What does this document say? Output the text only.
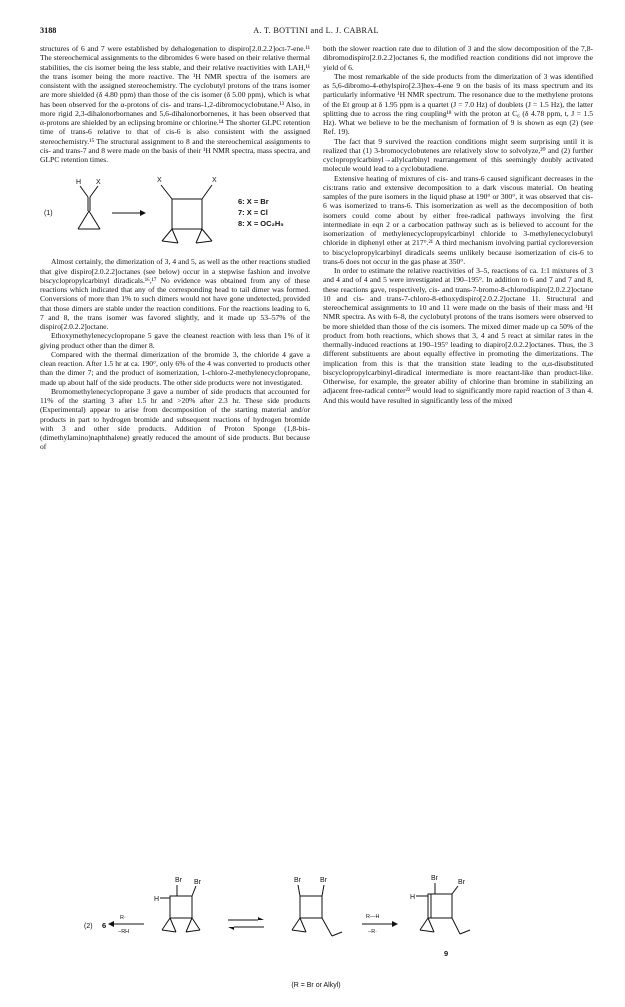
3188	A. T. BOTTINI and L. J. CABRAL

structures of 6 and 7 were established by dehalogenation to dispiro[2.0.2.2]oct-7-ene.¹¹ The stereochemical assignments to the dibromides 6 were based on their relative thermal stabilities, the cis isomer being the less stable, and their relative reactivities with LAH,¹¹ the trans isomer being the more reactive. The ¹H NMR spectra of the isomers are consistent with the assigned stereochemistry. The cyclobutyl protons of the trans isomer are more shielded (δ 4.80 ppm) than those of the cis isomer (δ 5.00 ppm), which is what has been observed for the α-protons of cis- and trans-1,2-dibromocyclobutane.¹³ Also, in more rigid 2,3-dihalonorbornanes and 5,6-dihalonorbornenes, it has been observed that α-protons are shielded by an eclipsing bromine or chlorine.¹⁴ The shorter GLPC retention time of trans-6 relative to that of cis-6 is also consistent with the assigned stereochemistry.¹⁵ The structural assignment to 8 and the stereochemical assignments to cis- and trans-7 and 8 were made on the basis of their ¹H NMR spectra, mass spectra, and GLPC retention times.

(1)
H X	X	X
6: X = Br
7: X = Cl
8: X = OC₂H₅

Almost certainly, the dimerization of 3, 4 and 5, as well as the other reactions studied that give dispiro[2.0.2.2]octanes (see below) occur in a stepwise fashion and involve biscyclopropylcarbinyl diradicals.¹⁶,¹⁷ No evidence was obtained from any of these reactions which indicated that any of the corresponding head to tail dimer was formed. Conversions of more than 1% to such dimers would not have gone undetected, provided that those dimers are stable under the reaction conditions. For the reactions leading to 6, 7 and 8, the trans isomer was favored slightly, and it made up 53–57% of the dispiro[2.0.2.2]octane.

Ethoxymethylenecyclopropane 5 gave the cleanest reaction with less than 1% of it giving product other than the dimer 8.

Compared with the thermal dimerization of the bromide 3, the chloride 4 gave a clean reaction. After 1.5 hr at ca. 190°, only 6% of the 4 was converted to products other than the dimer 7; and the product of isomerization, 1-chloro-2-methylenecyclopropane, made up about half of the side products. The other side products were not investigated.

Bromomethylenecyclopropane 3 gave a number of side products that accounted for 11% of the starting 3 after 1.5 hr and >20% after 2.3 hr. These side products (Experimental) appear to arise from decomposition of the starting material and/or products in part to hydrogen bromide and subsequent reactions of hydrogen bromide with 3 and other side products. Addition of Proton Sponge (1,8-bis-(dimethylamino)naphthalene) greatly reduced the amount of side products. But because of

both the slower reaction rate due to dilution of 3 and the slow decomposition of the 7,8-dibromodispiro[2.0.2.2]octanes 6, the modified reaction conditions did not improve the yield of 6.

The most remarkable of the side products from the dimerization of 3 was identified as 5,6-dibromo-4-ethylspiro[2.3]hex-4-ene 9 on the basis of its mass spectrum and its particularly informative ¹H NMR spectrum. The resonance due to the methylene protons of the Et group at δ 1.95 ppm is a quartet (J = 7.0 Hz) of doublets (J = 1.5 Hz), the latter splitting due to across the ring coupling¹⁸ with the proton at C₆ (δ 4.78 ppm, t, J = 1.5 Hz). What we believe to be the mechanism of formation of 9 is shown as eqn (2) (see Ref. 19).

The fact that 9 survived the reaction conditions might seem surprising until it is realized that (1) 3-bromocyclobutenes are relatively slow to solvolyze,²⁰ and (2) further cyclopropylcarbinyl→allylcarbinyl rearrangement of this seemingly doubly activated molecule would lead to a cyclobutadiene.

Extensive heating of mixtures of cis- and trans-6 caused significant decreases in the cis:trans ratio and extensive decomposition to a dark viscous material. On heating samples of the pure isomers in the liquid phase at 190° or 300°, it was observed that cis-6 was isomerized to trans-6. This isomerization as well as the decomposition of both isomers could come about by either free-radical pathways involving the first intermediate in eqn 2 or a carbocation pathway such as is believed to account for the isomerization of methylenecyclopropylcarbinyl chloride to 3-methylenecyclobutyl chloride in diphenyl ether at 217°.²¹ A third mechanism involving partial cycloreversion to biscyclopropylcarbinyl diradicals seems unlikely because isomerization of cis-6 to trans-6 does not occur in the gas phase at 350°.

In order to estimate the relative reactivities of 3–5, reactions of ca. 1:1 mixtures of 3 and 4 and of 4 and 5 were investigated at 190–195°. In addition to 6 and 7 and 7 and 8, these reactions gave, respectively, cis- and trans-7-bromo-8-chlorodispiro[2.0.2.2]octane 10 and cis- and trans-7-chloro-8-ethoxydispiro[2.0.2.2]octane 11. Structural and stereochemical assignments to 10 and 11 were made on the basis of their mass and ¹H NMR spectra. As with 6–8, the cyclobutyl protons of the trans isomers were observed to be more shielded than those of the cis isomers. The mixed dimer made up ca 50% of the product from both reactions, which shows that 3, 4 and 5 react at similar rates in the thermally-induced reactions at 190–195° leading to diapiro[2.0.2.2]octanes. Thus, the 3 different substituents are about equally effective in promoting the dimerizations. The implication from this is that the transition state leading to the α,α-disubstituted biscyclopropylcarbinyl-diradical intermediate is more reactant-like than product-like. Otherwise, for example, the greater ability of chlorine than bromine in stabilizing an adjacent free-radical center²² would lead to significantly more rapid reaction of 3 than 4. And this would have resulted in significantly less of the mixed

(2) 6
R·
−RH
Br Br
H
Br	Br
R—H
−R·
Br
Br
H
9
(R = Br or Alkyl)
